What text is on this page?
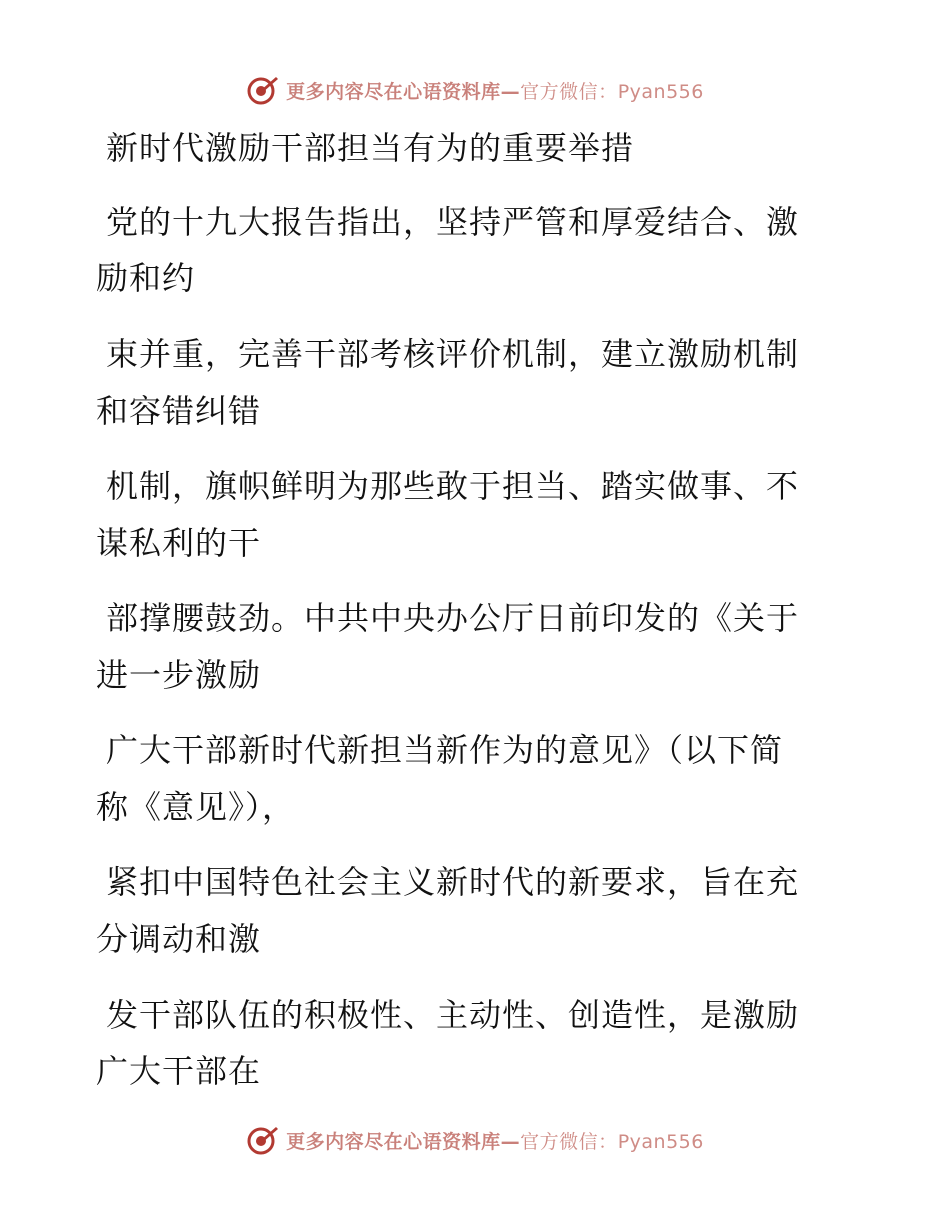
更多内容尽在心语资料库—官方微信：Pyan556
新时代激励干部担当有为的重要举措
党的十九大报告指出，坚持严管和厚爱结合、激
励和约
束并重，完善干部考核评价机制，建立激励机制
和容错纠错
机制，旗帜鲜明为那些敢于担当、踏实做事、不
谋私利的干
部撑腰鼓劲。中共中央办公厅日前印发的《关于
进一步激励
广大干部新时代新担当新作为的意见》（以下简
称《意见》），
紧扣中国特色社会主义新时代的新要求，旨在充
分调动和激
发干部队伍的积极性、主动性、创造性，是激励
广大干部在
更多内容尽在心语资料库—官方微信：Pyan556
